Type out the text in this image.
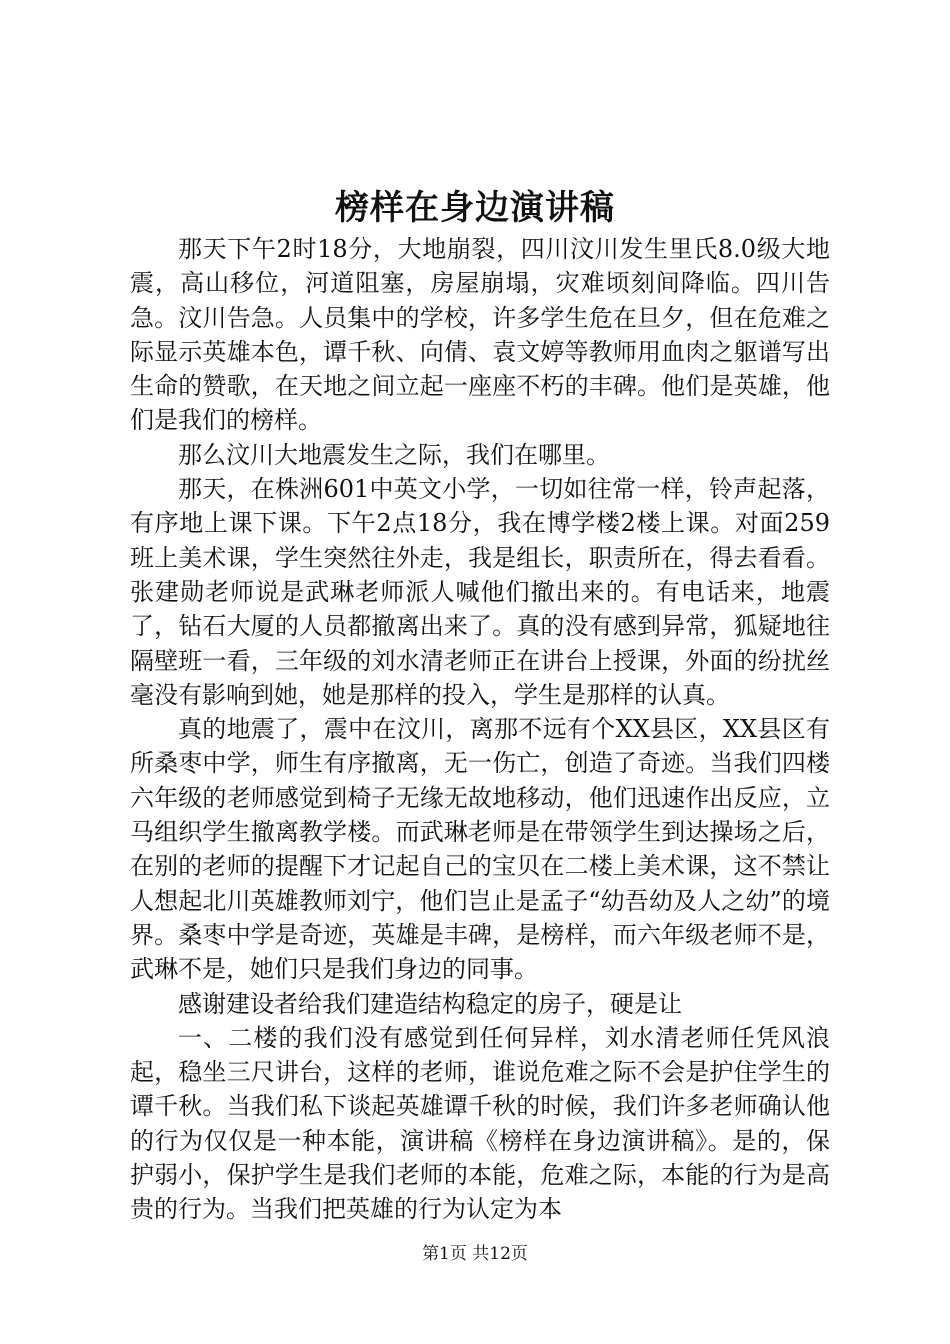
榜样在身边演讲稿

那天下午2时18分，大地崩裂，四川汶川发生里氏8.0级大地震，高山移位，河道阻塞，房屋崩塌，灾难顷刻间降临。四川告急。汶川告急。人员集中的学校，许多学生危在旦夕，但在危难之际显示英雄本色，谭千秋、向倩、袁文婷等教师用血肉之躯谱写出生命的赞歌，在天地之间立起一座座不朽的丰碑。他们是英雄，他们是我们的榜样。

那么汶川大地震发生之际，我们在哪里。

那天，在株洲601中英文小学，一切如往常一样，铃声起落，有序地上课下课。下午2点18分，我在博学楼2楼上课。对面259班上美术课，学生突然往外走，我是组长，职责所在，得去看看。张建勋老师说是武琳老师派人喊他们撤出来的。有电话来，地震了，钻石大厦的人员都撤离出来了。真的没有感到异常，狐疑地往隔壁班一看，三年级的刘水清老师正在讲台上授课，外面的纷扰丝毫没有影响到她，她是那样的投入，学生是那样的认真。

真的地震了，震中在汶川，离那不远有个XX县区，XX县区有所桑枣中学，师生有序撤离，无一伤亡，创造了奇迹。当我们四楼六年级的老师感觉到椅子无缘无故地移动，他们迅速作出反应，立马组织学生撤离教学楼。而武琳老师是在带领学生到达操场之后，在别的老师的提醒下才记起自己的宝贝在二楼上美术课，这不禁让人想起北川英雄教师刘宁，他们岂止是孟子“幼吾幼及人之幼”的境界。桑枣中学是奇迹，英雄是丰碑，是榜样，而六年级老师不是，武琳不是，她们只是我们身边的同事。

感谢建设者给我们建造结构稳定的房子，硬是让

一、二楼的我们没有感觉到任何异样，刘水清老师任凭风浪起，稳坐三尺讲台，这样的老师，谁说危难之际不会是护住学生的谭千秋。当我们私下谈起英雄谭千秋的时候，我们许多老师确认他的行为仅仅是一种本能，演讲稿《榜样在身边演讲稿》。是的，保护弱小，保护学生是我们老师的本能，危难之际，本能的行为是高贵的行为。当我们把英雄的行为认定为本

第1页 共12页
